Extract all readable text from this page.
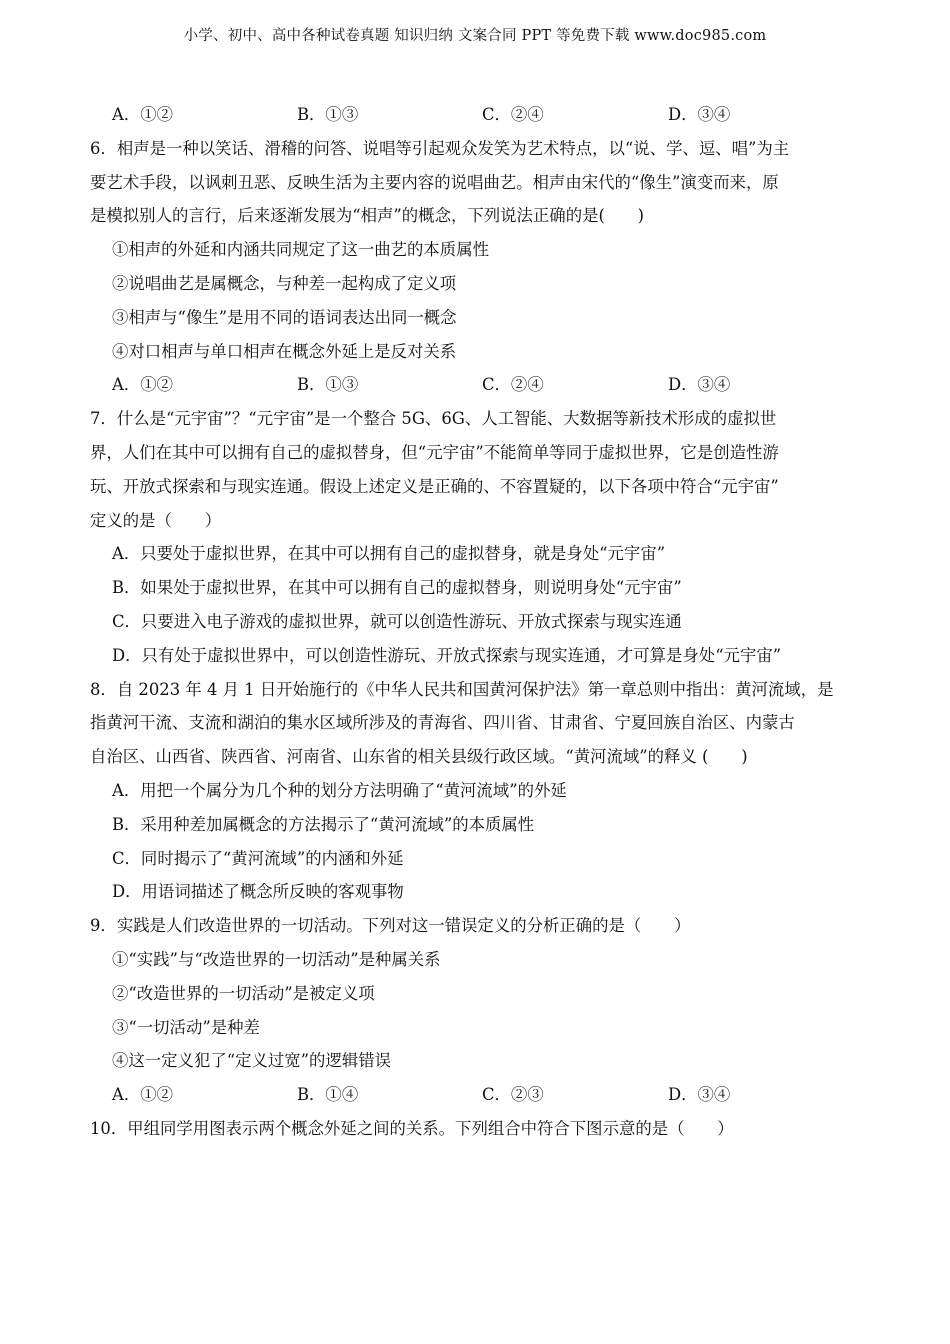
小学、初中、高中各种试卷真题 知识归纳 文案合同 PPT 等免费下载 www.doc985.com
A．①②	B．①③	C．②④	D．③④
6．相声是一种以笑话、滑稽的问答、说唱等引起观众发笑为艺术特点，以“说、学、逗、唱”为主
要艺术手段，以讽刺丑恶、反映生活为主要内容的说唱曲艺。相声由宋代的“像生”演变而来，原
是模拟别人的言行，后来逐渐发展为“相声”的概念，下列说法正确的是(　　)
①相声的外延和内涵共同规定了这一曲艺的本质属性
②说唱曲艺是属概念，与种差一起构成了定义项
③相声与“像生”是用不同的语词表达出同一概念
④对口相声与单口相声在概念外延上是反对关系
A．①②	B．①③	C．②④	D．③④
7．什么是“元宇宙”？“元宇宙”是一个整合 5G、6G、人工智能、大数据等新技术形成的虚拟世
界，人们在其中可以拥有自己的虚拟替身，但“元宇宙”不能简单等同于虚拟世界，它是创造性游
玩、开放式探索和与现实连通。假设上述定义是正确的、不容置疑的，以下各项中符合“元宇宙”
定义的是（　　）
A．只要处于虚拟世界，在其中可以拥有自己的虚拟替身，就是身处“元宇宙”
B．如果处于虚拟世界，在其中可以拥有自己的虚拟替身，则说明身处“元宇宙”
C．只要进入电子游戏的虚拟世界，就可以创造性游玩、开放式探索与现实连通
D．只有处于虚拟世界中，可以创造性游玩、开放式探索与现实连通，才可算是身处“元宇宙”
8．自 2023 年 4 月 1 日开始施行的《中华人民共和国黄河保护法》第一章总则中指出：黄河流域，是
指黄河干流、支流和湖泊的集水区域所涉及的青海省、四川省、甘肃省、宁夏回族自治区、内蒙古
自治区、山西省、陕西省、河南省、山东省的相关县级行政区域。“黄河流域”的释义 (　　)
A．用把一个属分为几个种的划分方法明确了“黄河流域”的外延
B．采用种差加属概念的方法揭示了“黄河流域”的本质属性
C．同时揭示了“黄河流域”的内涵和外延
D．用语词描述了概念所反映的客观事物
9．实践是人们改造世界的一切活动。下列对这一错误定义的分析正确的是（　　）
①“实践”与“改造世界的一切活动”是种属关系
②“改造世界的一切活动”是被定义项
③“一切活动”是种差
④这一定义犯了“定义过宽”的逻辑错误
A．①②	B．①④	C．②③	D．③④
10．甲组同学用图表示两个概念外延之间的关系。下列组合中符合下图示意的是（　　）
